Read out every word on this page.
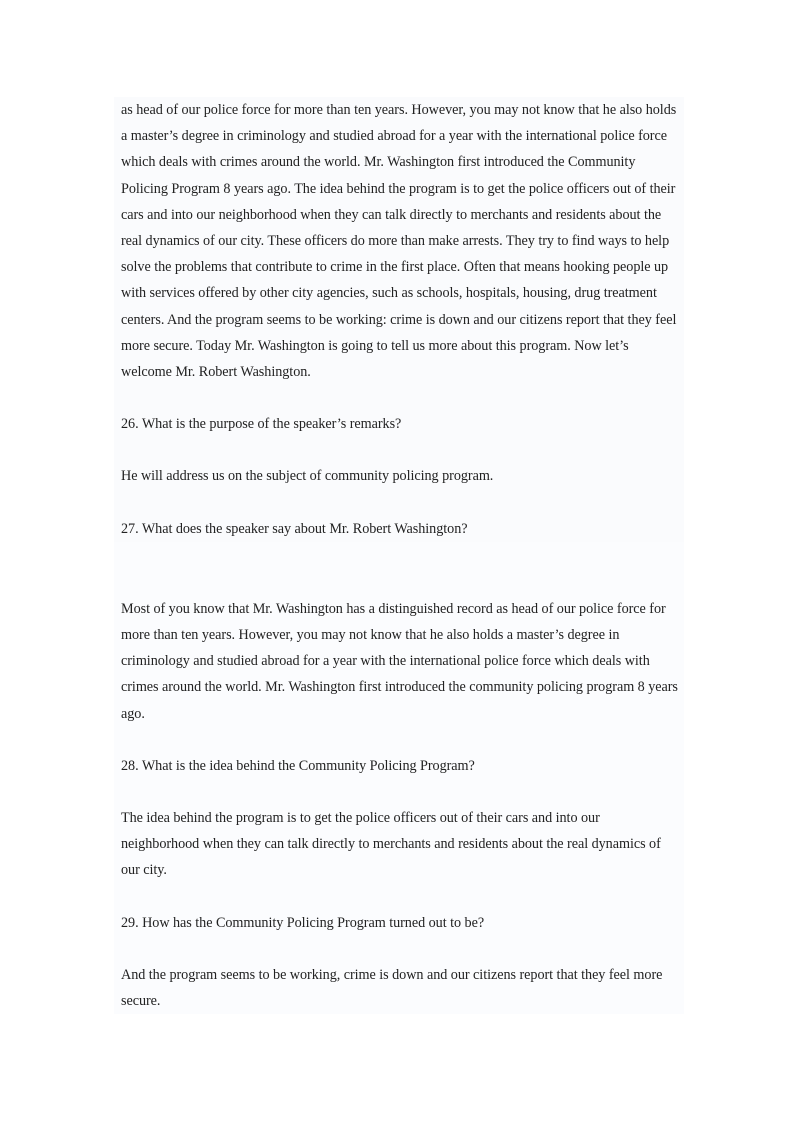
as head of our police force for more than ten years. However, you may not know that he also holds a master’s degree in criminology and studied abroad for a year with the international police force which deals with crimes around the world. Mr. Washington first introduced the Community Policing Program 8 years ago. The idea behind the program is to get the police officers out of their cars and into our neighborhood when they can talk directly to merchants and residents about the real dynamics of our city. These officers do more than make arrests. They try to find ways to help solve the problems that contribute to crime in the first place. Often that means hooking people up with services offered by other city agencies, such as schools, hospitals, housing, drug treatment centers. And the program seems to be working: crime is down and our citizens report that they feel more secure. Today Mr. Washington is going to tell us more about this program. Now let’s welcome Mr. Robert Washington.

26. What is the purpose of the speaker’s remarks?

He will address us on the subject of community policing program.

27. What does the speaker say about Mr. Robert Washington?

Most of you know that Mr. Washington has a distinguished record as head of our police force for more than ten years. However, you may not know that he also holds a master’s degree in criminology and studied abroad for a year with the international police force which deals with crimes around the world. Mr. Washington first introduced the community policing program 8 years ago.

28. What is the idea behind the Community Policing Program?

The idea behind the program is to get the police officers out of their cars and into our neighborhood when they can talk directly to merchants and residents about the real dynamics of our city.

29. How has the Community Policing Program turned out to be?

And the program seems to be working, crime is down and our citizens report that they feel more secure.
